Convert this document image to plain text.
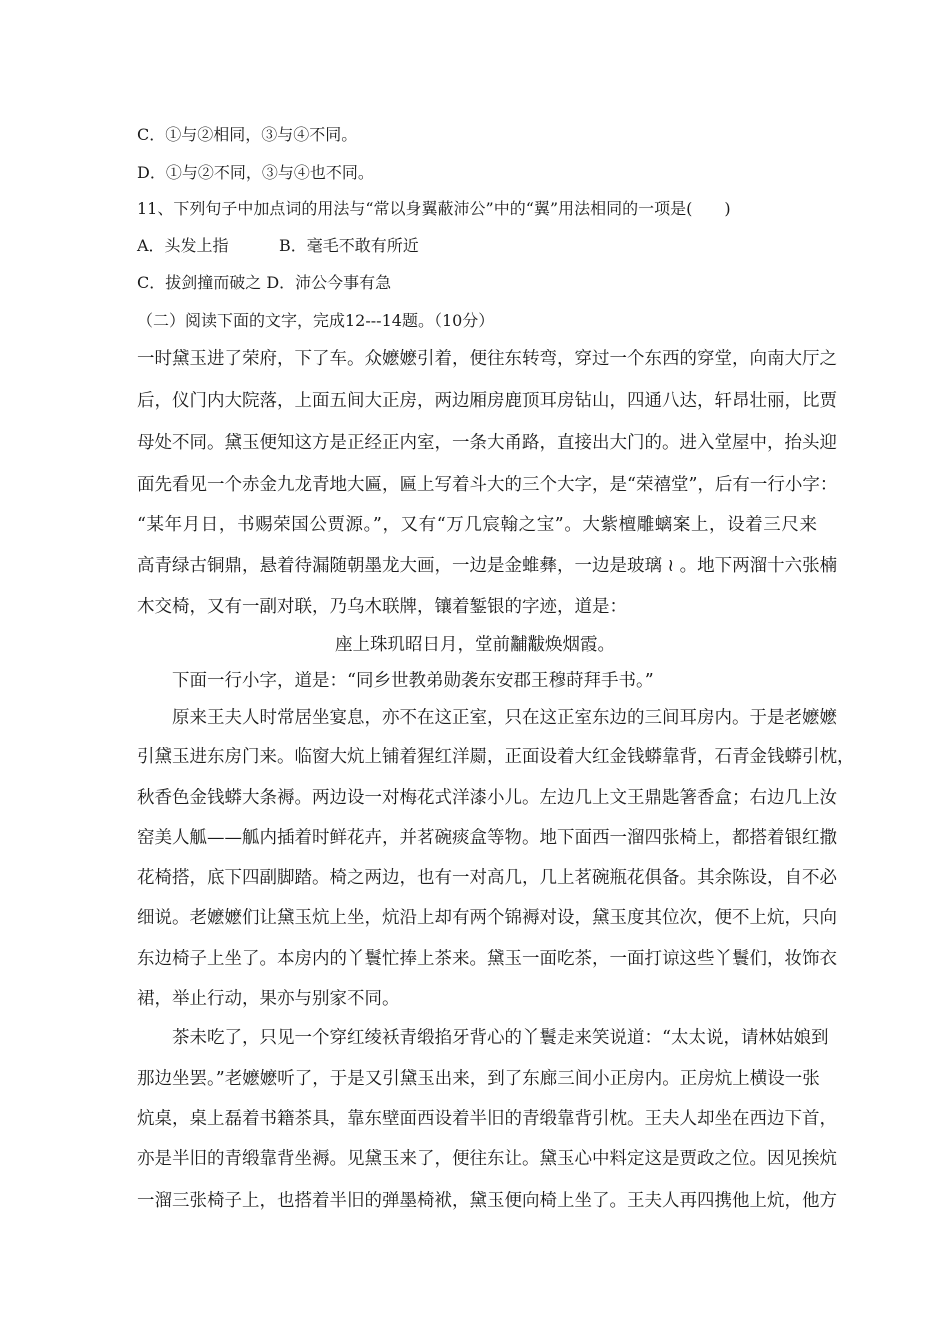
C．①与②相同，③与④不同。
D．①与②不同，③与④也不同。
11、下列句子中加点词的用法与“常以身翼蔽沛公”中的“翼”用法相同的一项是(　　)
A．头发上指	B．毫毛不敢有所近
C．拔剑撞而破之 D．沛公今事有急
（二）阅读下面的文字，完成12---14题。（10分）
一时黛玉进了荣府，下了车。众嬷嬷引着，便往东转弯，穿过一个东西的穿堂，向南大厅之
后，仪门内大院落，上面五间大正房，两边厢房鹿顶耳房钻山，四通八达，轩昂壮丽，比贾
母处不同。黛玉便知这方是正经正内室，一条大甬路，直接出大门的。进入堂屋中，抬头迎
面先看见一个赤金九龙青地大匾，匾上写着斗大的三个大字，是“荣禧堂”，后有一行小字：
“某年月日，书赐荣国公贾源。”，又有“万几宸翰之宝”。大紫檀雕螭案上，设着三尺来
高青绿古铜鼎，悬着待漏随朝墨龙大画，一边是金蜼彝，一边是玻璃 ≀ 。地下两溜十六张楠
木交椅，又有一副对联，乃乌木联牌，镶着錾银的字迹，道是：
座上珠玑昭日月，堂前黼黻焕烟霞。
下面一行小字，道是：“同乡世教弟勋袭东安郡王穆莳拜手书。”
原来王夫人时常居坐宴息，亦不在这正室，只在这正室东边的三间耳房内。于是老嬷嬷
引黛玉进东房门来。临窗大炕上铺着猩红洋罽，正面设着大红金钱蟒靠背，石青金钱蟒引枕，
秋香色金钱蟒大条褥。两边设一对梅花式洋漆小儿。左边几上文王鼎匙箸香盒；右边几上汝
窑美人觚——觚内插着时鲜花卉，并茗碗痰盒等物。地下面西一溜四张椅上，都搭着银红撒
花椅搭，底下四副脚踏。椅之两边，也有一对高几，几上茗碗瓶花俱备。其余陈设，自不必
细说。老嬷嬷们让黛玉炕上坐，炕沿上却有两个锦褥对设，黛玉度其位次，便不上炕，只向
东边椅子上坐了。本房内的丫鬟忙捧上茶来。黛玉一面吃茶，一面打谅这些丫鬟们，妆饰衣
裙，举止行动，果亦与别家不同。
茶未吃了，只见一个穿红绫袄青缎掐牙背心的丫鬟走来笑说道：“太太说，请林姑娘到
那边坐罢。”老嬷嬷听了，于是又引黛玉出来，到了东廊三间小正房内。正房炕上横设一张
炕桌，桌上磊着书籍茶具，靠东壁面西设着半旧的青缎靠背引枕。王夫人却坐在西边下首，
亦是半旧的青缎靠背坐褥。见黛玉来了，便往东让。黛玉心中料定这是贾政之位。因见挨炕
一溜三张椅子上，也搭着半旧的弹墨椅袱，黛玉便向椅上坐了。王夫人再四携他上炕，他方
